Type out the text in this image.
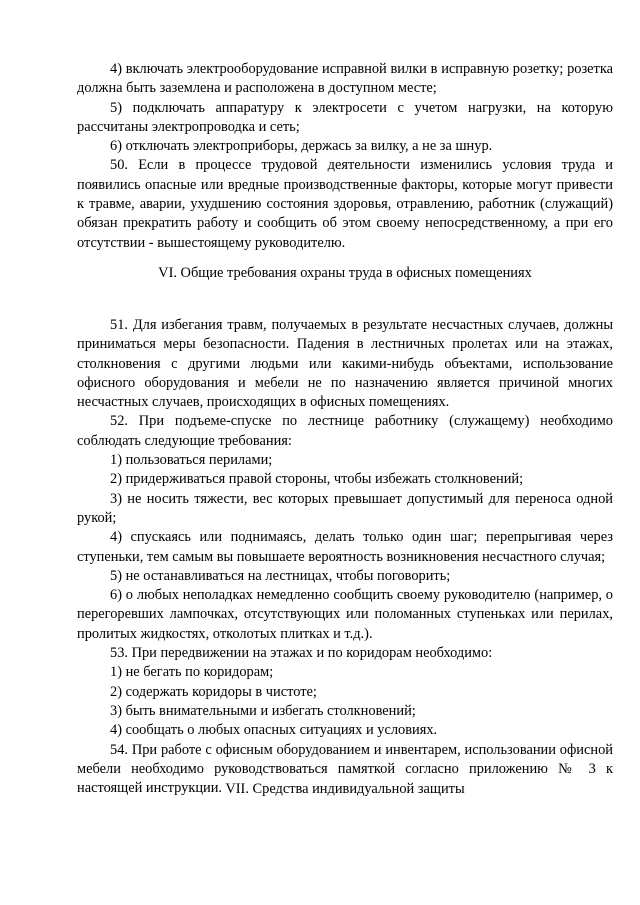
4) включать электрооборудование исправной вилки в исправную розетку; розетка должна быть заземлена и расположена в доступном месте;

5) подключать аппаратуру к электросети с учетом нагрузки, на которую рассчитаны электропроводка и сеть;

6) отключать электроприборы, держась за вилку, а не за шнур.

50. Если в процессе трудовой деятельности изменились условия труда и появились опасные или вредные производственные факторы, которые могут привести к травме, аварии, ухудшению состояния здоровья, отравлению, работник (служащий) обязан прекратить работу и сообщить об этом своему непосредственному, а при его отсутствии - вышестоящему руководителю.

VI. Общие требования охраны труда в офисных помещениях

51. Для избегания травм, получаемых в результате несчастных случаев, должны приниматься меры безопасности. Падения в лестничных пролетах или на этажах, столкновения с другими людьми или какими-нибудь объектами, использование офисного оборудования и мебели не по назначению является причиной многих несчастных случаев, происходящих в офисных помещениях.

52. При подъеме-спуске по лестнице работнику (служащему) необходимо соблюдать следующие требования:

1) пользоваться перилами;

2) придерживаться правой стороны, чтобы избежать столкновений;

3) не носить тяжести, вес которых превышает допустимый для переноса одной рукой;

4) спускаясь или поднимаясь, делать только один шаг; перепрыгивая через ступеньки, тем самым вы повышаете вероятность возникновения несчастного случая;

5) не останавливаться на лестницах, чтобы поговорить;

6) о любых неполадках немедленно сообщить своему руководителю (например, о перегоревших лампочках, отсутствующих или поломанных ступеньках или перилах, пролитых жидкостях, отколотых плитках и т.д.).

53. При передвижении на этажах и по коридорам необходимо:

1) не бегать по коридорам;

2) содержать коридоры в чистоте;

3) быть внимательными и избегать столкновений;

4) сообщать о любых опасных ситуациях и условиях.

54. При работе с офисным оборудованием и инвентарем, использовании офисной мебели необходимо руководствоваться памяткой согласно приложению № 3 к настоящей инструкции. VII. Средства индивидуальной защиты
